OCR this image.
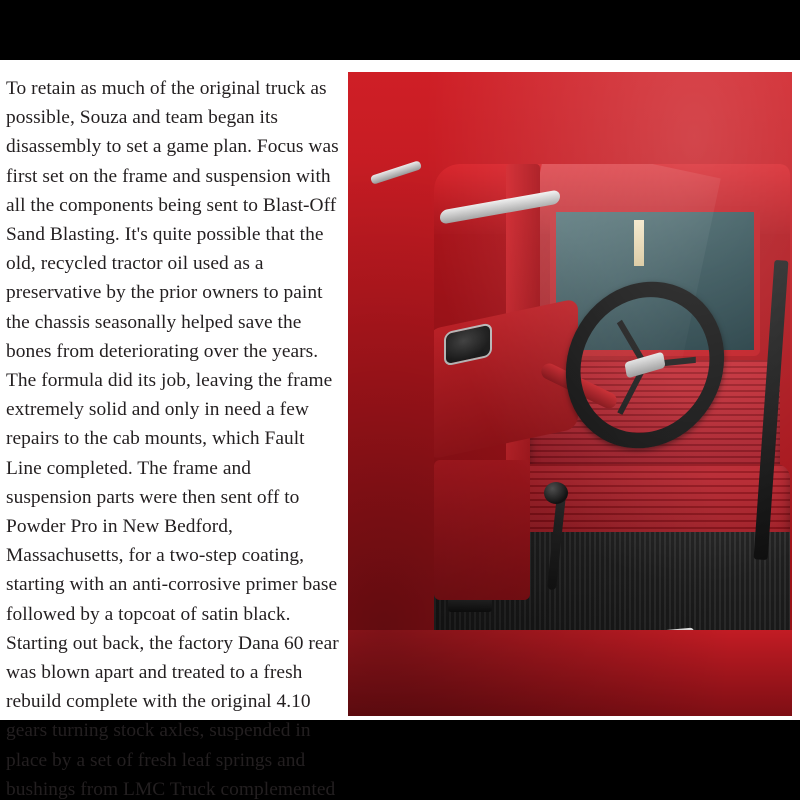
To retain as much of the original truck as possible, Souza and team began its disassembly to set a game plan. Focus was first set on the frame and suspension with all the components being sent to Blast-Off Sand Blasting. It's quite possible that the old, recycled tractor oil used as a preservative by the prior owners to paint the chassis seasonally helped save the bones from deteriorating over the years. The formula did its job, leaving the frame extremely solid and only in need a few repairs to the cab mounts, which Fault Line completed. The frame and suspension parts were then sent off to Powder Pro in New Bedford, Massachusetts, for a two-step coating, starting with an anti-corrosive primer base followed by a topcoat of satin black. Starting out back, the factory Dana 60 rear was blown apart and treated to a fresh rebuild complete with the original 4.10 gears turning stock axles, suspended in place by a set of fresh leaf springs and bushings from LMC Truck complemented
